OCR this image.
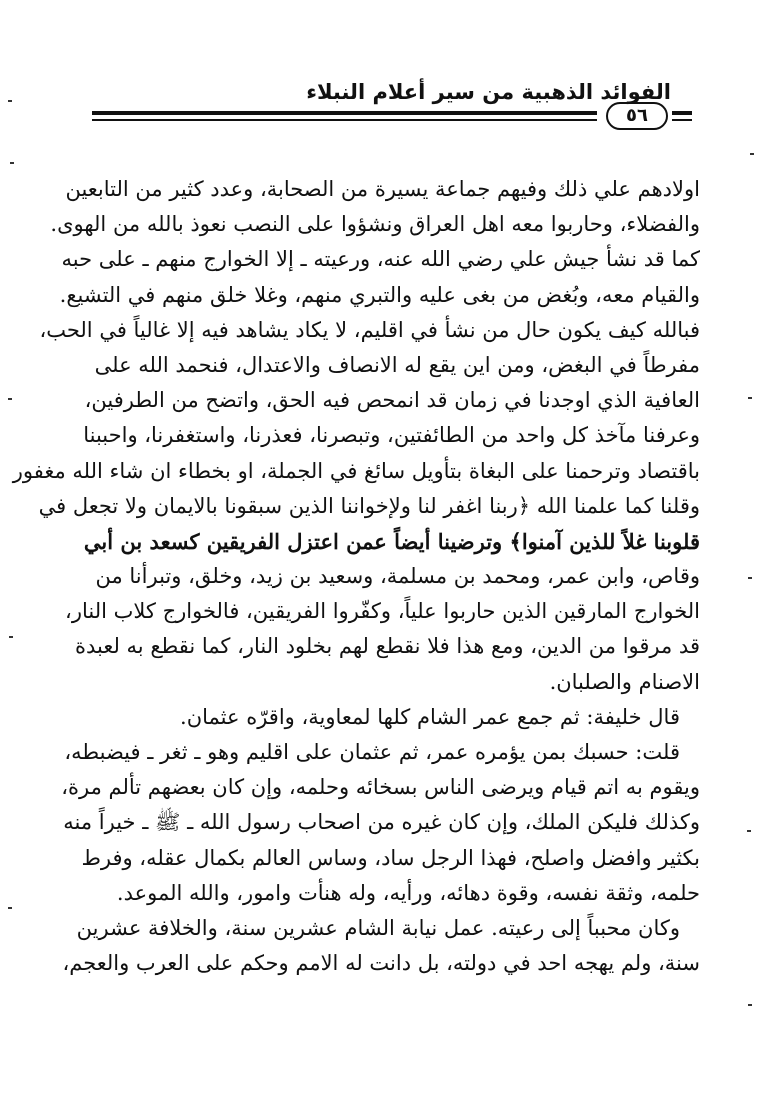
الفوائد الذهبية من سير أعلام النبلاء
٥٦
اولادهم علي ذلك وفيهم جماعة يسيرة من الصحابة، وعدد كثير من التابعين
والفضلاء، وحاربوا معه اهل العراق ونشؤوا على النصب نعوذ بالله من الهوى.
كما قد نشأ جيش علي رضي الله عنه، ورعيته ـ إلا الخوارج منهم ـ على حبه
والقيام معه، وبُغض من بغى عليه والتبري منهم، وغلا خلق منهم في التشيع.
فبالله كيف يكون حال من نشأ في اقليم، لا يكاد يشاهد فيه إلا غالياً في الحب،
مفرطاً في البغض، ومن اين يقع له الانصاف والاعتدال، فنحمد الله على
العافية الذي اوجدنا في زمان قد انمحص فيه الحق، واتضح من الطرفين،
وعرفنا مآخذ كل واحد من الطائفتين، وتبصرنا، فعذرنا، واستغفرنا، واحببنا
باقتصاد وترحمنا على البغاة بتأويل سائغ في الجملة، او بخطاء ان شاء الله مغفور
وقلنا كما علمنا الله ﴿ربنا اغفر لنا ولإخواننا الذين سبقونا بالايمان ولا تجعل في
قلوبنا غلاً للذين آمنوا﴾ وترضينا أيضاً عمن اعتزل الفريقين كسعد بن أبي
وقاص، وابن عمر، ومحمد بن مسلمة، وسعيد بن زيد، وخلق، وتبرأنا من
الخوارج المارقين الذين حاربوا علياً، وكفّروا الفريقين، فالخوارج كلاب النار،
قد مرقوا من الدين، ومع هذا فلا نقطع لهم بخلود النار، كما نقطع به لعبدة
الاصنام والصلبان.
قال خليفة: ثم جمع عمر الشام كلها لمعاوية، واقرّه عثمان.
قلت: حسبك بمن يؤمره عمر، ثم عثمان على اقليم وهو ـ ثغر ـ فيضبطه،
ويقوم به اتم قيام ويرضى الناس بسخائه وحلمه، وإن كان بعضهم تألم مرة،
وكذلك فليكن الملك، وإن كان غيره من اصحاب رسول الله ـ ﷺ ـ خيراً منه
بكثير وافضل واصلح، فهذا الرجل ساد، وساس العالم بكمال عقله، وفرط
حلمه، وثقة نفسه، وقوة دهائه، ورأيه، وله هنأت وامور، والله الموعد.
وكان محبباً إلى رعيته. عمل نيابة الشام عشرين سنة، والخلافة عشرين
سنة، ولم يهجه احد في دولته، بل دانت له الامم وحكم على العرب والعجم،
